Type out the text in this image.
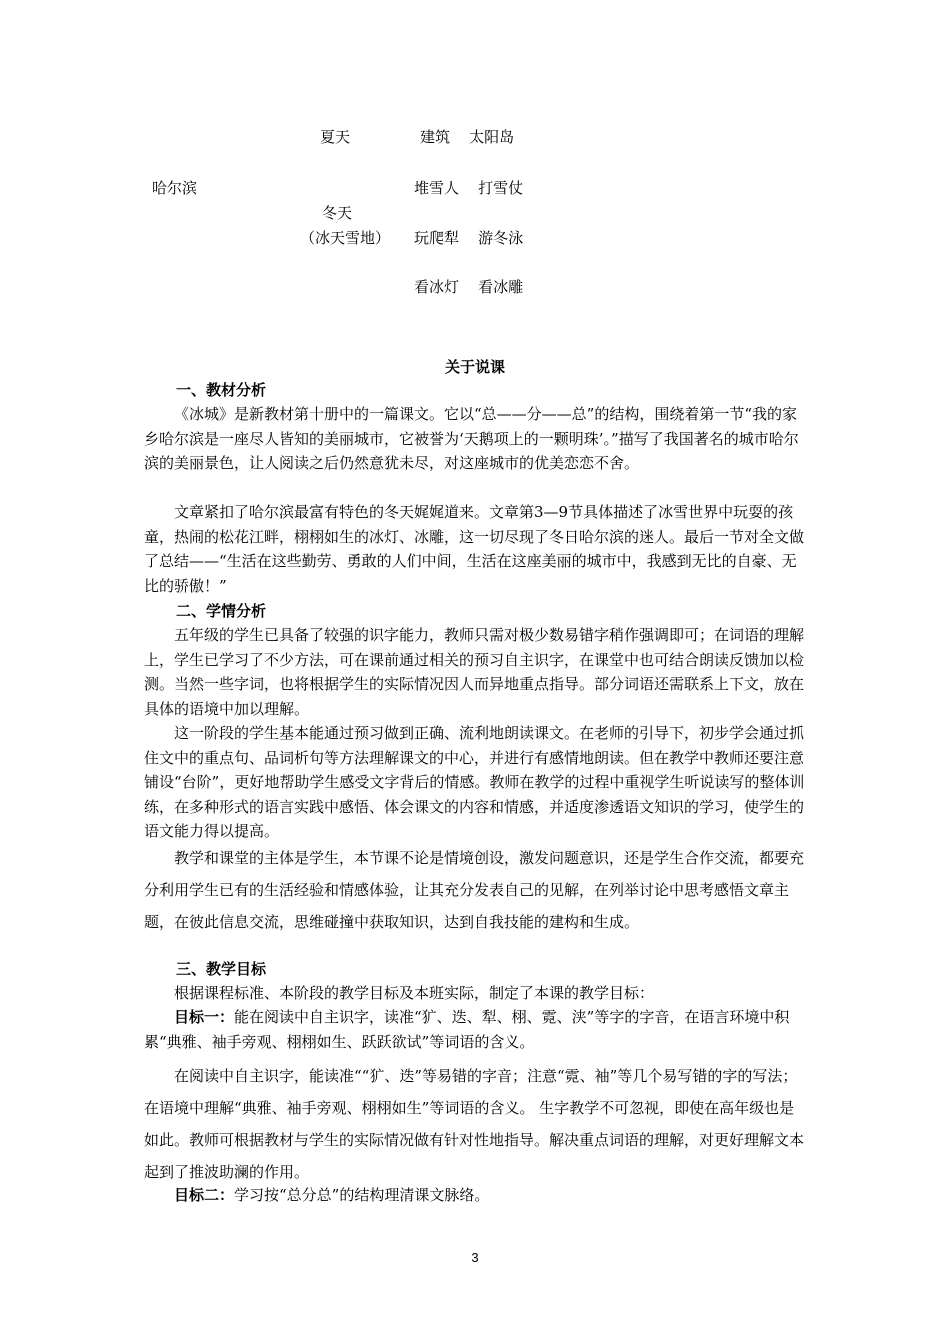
夏天	建筑    太阳岛
哈尔滨	堆雪人    打雪仗
冬天
（冰天雪地） 玩爬犁    游冬泳
看冰灯    看冰雕
关于说课
一、教材分析

《冰城》是新教材第十册中的一篇课文。它以“总——分——总”的结构，围绕着第一节“我的家乡哈尔滨是一座尽人皆知的美丽城市，它被誉为‘天鹅项上的一颗明珠’。”描写了我国著名的城市哈尔滨的美丽景色，让人阅读之后仍然意犹未尽，对这座城市的优美恋恋不舍。

文章紧扣了哈尔滨最富有特色的冬天娓娓道来。文章第3—9节具体描述了冰雪世界中玩耍的孩童，热闹的松花江畔，栩栩如生的冰灯、冰雕，这一切尽现了冬日哈尔滨的迷人。最后一节对全文做了总结——“生活在这些勤劳、勇敢的人们中间，生活在这座美丽的城市中，我感到无比的自豪、无比的骄傲！”

二、学情分析

五年级的学生已具备了较强的识字能力，教师只需对极少数易错字稍作强调即可；在词语的理解上，学生已学习了不少方法，可在课前通过相关的预习自主识字，在课堂中也可结合朗读反馈加以检测。当然一些字词，也将根据学生的实际情况因人而异地重点指导。部分词语还需联系上下文，放在具体的语境中加以理解。

这一阶段的学生基本能通过预习做到正确、流利地朗读课文。在老师的引导下，初步学会通过抓住文中的重点句、品词析句等方法理解课文的中心，并进行有感情地朗读。但在教学中教师还要注意铺设“台阶”，更好地帮助学生感受文字背后的情感。教师在教学的过程中重视学生听说读写的整体训练，在多种形式的语言实践中感悟、体会课文的内容和情感，并适度渗透语文知识的学习，使学生的语文能力得以提高。

教学和课堂的主体是学生，本节课不论是情境创设，激发问题意识，还是学生合作交流，都要充分利用学生已有的生活经验和情感体验，让其充分发表自己的见解，在列举讨论中思考感悟文章主题，在彼此信息交流，思维碰撞中获取知识，达到自我技能的建构和生成。

三、教学目标

根据课程标准、本阶段的教学目标及本班实际，制定了本课的教学目标：

目标一：能在阅读中自主识字，读准“犷、迭、犁、栩、霓、浃”等字的字音，在语言环境中积累“典雅、袖手旁观、栩栩如生、跃跃欲试”等词语的含义。

在阅读中自主识字，能读准““犷、迭”等易错的字音；注意“霓、袖”等几个易写错的字的写法；在语境中理解“典雅、袖手旁观、栩栩如生”等词语的含义。 生字教学不可忽视，即使在高年级也是如此。教师可根据教材与学生的实际情况做有针对性地指导。解决重点词语的理解，对更好理解文本起到了推波助澜的作用。

目标二：学习按“总分总”的结构理清课文脉络。

3
